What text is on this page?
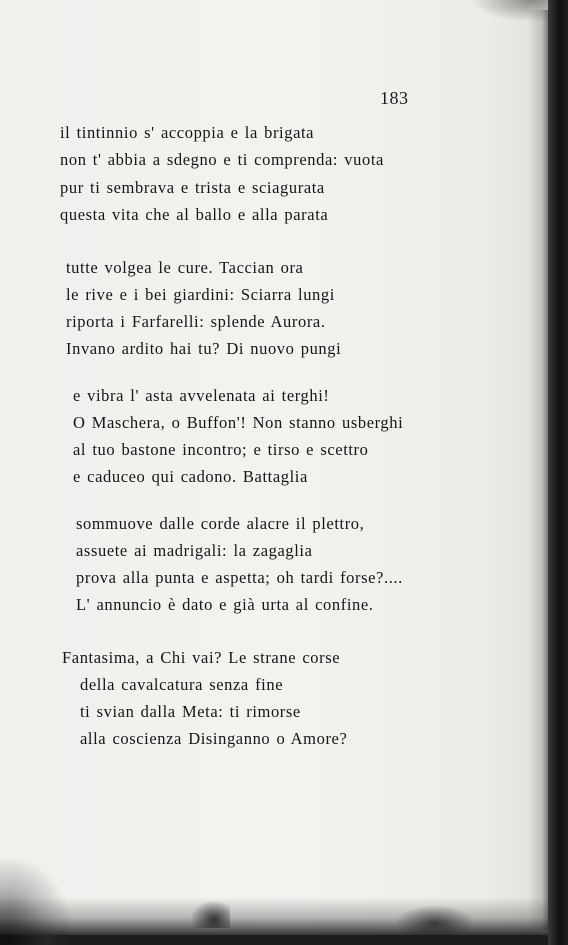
183
il tintinnio s' accoppia e la brigata
non t' abbia a sdegno e ti comprenda: vuota
pur ti sembrava e trista e sciagurata
questa vita che al ballo e alla parata
tutte volgea le cure. Taccian ora
le rive e i bei giardini: Sciarra lungi
riporta i Farfarelli: splende Aurora.
Invano ardito hai tu? Di nuovo pungi
e vibra l' asta avvelenata ai terghi!
O Maschera, o Buffon'! Non stanno usberghi
al tuo bastone incontro; e tirso e scettro
e caduceo qui cadono. Battaglia
sommuove dalle corde alacre il plettro,
assuete ai madrigali: la zagaglia
prova alla punta e aspetta; oh tardi forse?....
L' annuncio è dato e già urta al confine.
Fantasima, a Chi vai? Le strane corse
della cavalcatura senza fine
ti svian dalla Meta: ti rimorse
alla coscienza Disinganno o Amore?
